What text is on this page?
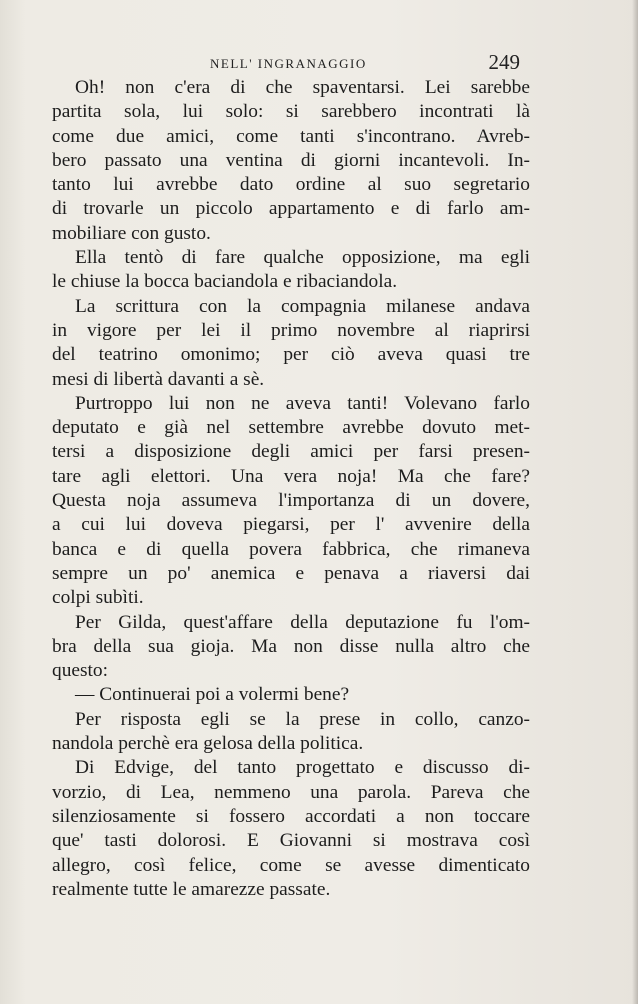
NELL' INGRANAGGIO	249
Oh! non c'era di che spaventarsi. Lei sarebbe
partita sola, lui solo: si sarebbero incontrati là
come due amici, come tanti s'incontrano. Avreb-
bero passato una ventina di giorni incantevoli. In-
tanto lui avrebbe dato ordine al suo segretario
di trovarle un piccolo appartamento e di farlo am-
mobiliare con gusto.
Ella tentò di fare qualche opposizione, ma egli
le chiuse la bocca baciandola e ribaciandola.
La scrittura con la compagnia milanese andava
in vigore per lei il primo novembre al riaprirsi
del teatrino omonimo; per ciò aveva quasi tre
mesi di libertà davanti a sè.
Purtroppo lui non ne aveva tanti! Volevano farlo
deputato e già nel settembre avrebbe dovuto met-
tersi a disposizione degli amici per farsi presen-
tare agli elettori. Una vera noja! Ma che fare?
Questa noja assumeva l'importanza di un dovere,
a cui lui doveva piegarsi, per l' avvenire della
banca e di quella povera fabbrica, che rimaneva
sempre un po' anemica e penava a riaversi dai
colpi subìti.
Per Gilda, quest'affare della deputazione fu l'om-
bra della sua gioja. Ma non disse nulla altro che
questo:
— Continuerai poi a volermi bene?
Per risposta egli se la prese in collo, canzo-
nandola perchè era gelosa della politica.
Di Edvige, del tanto progettato e discusso di-
vorzio, di Lea, nemmeno una parola. Pareva che
silenziosamente si fossero accordati a non toccare
que' tasti dolorosi. E Giovanni si mostrava così
allegro, così felice, come se avesse dimenticato
realmente tutte le amarezze passate.
